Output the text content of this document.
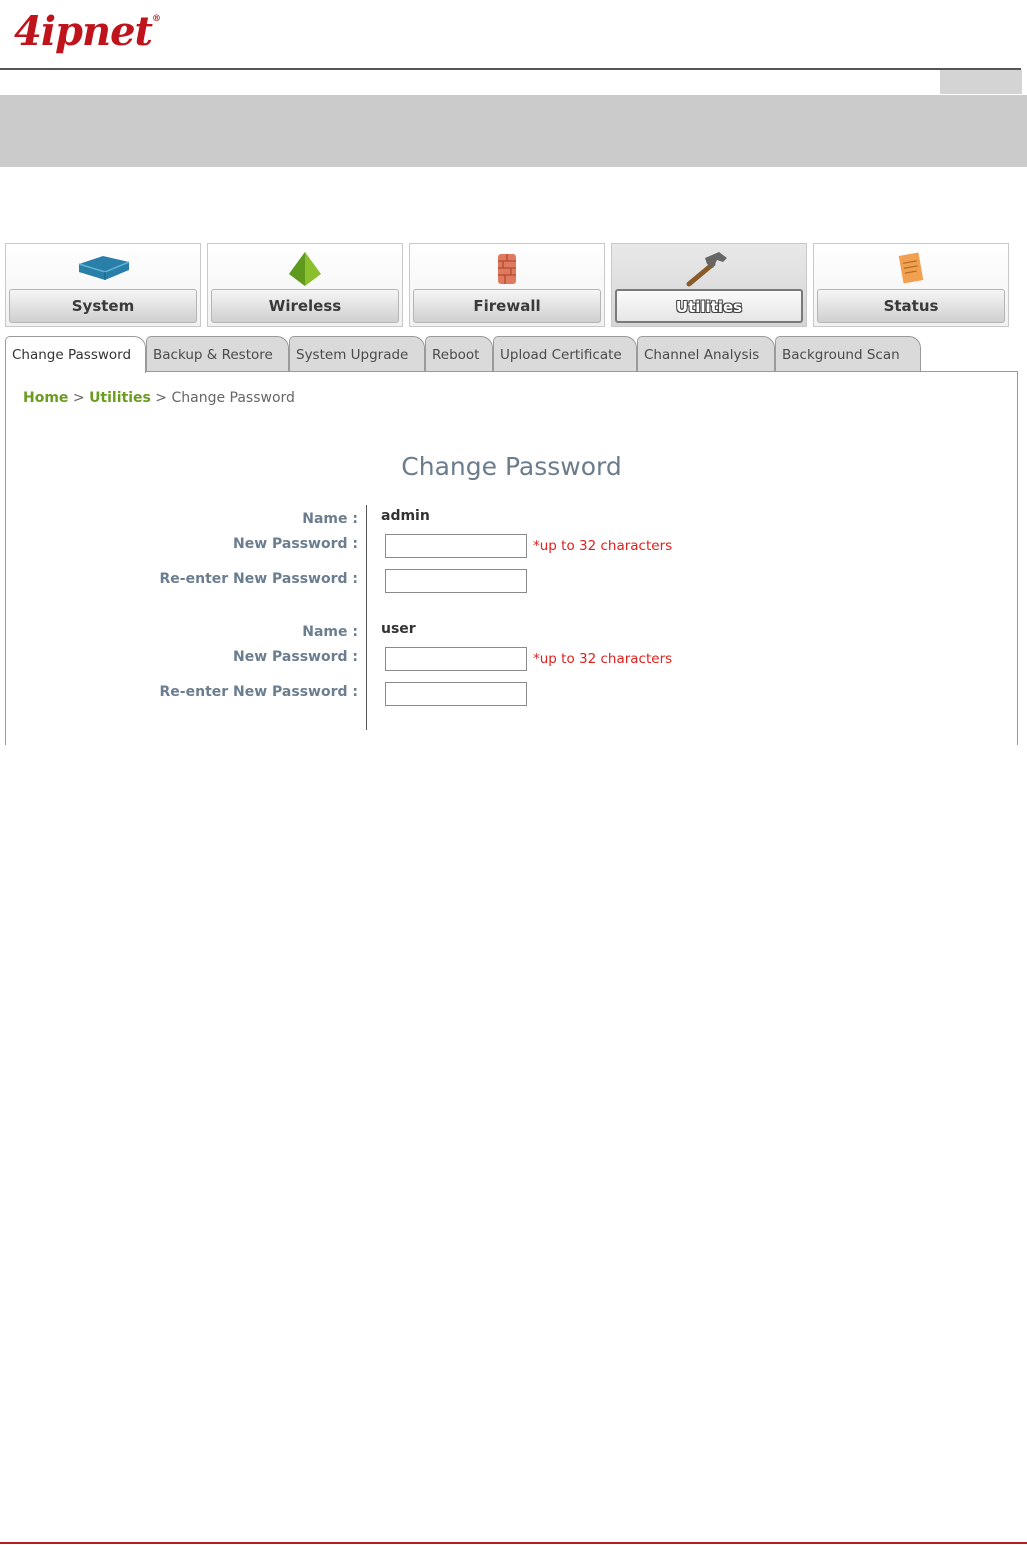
4ipnet®
System	Wireless	Firewall	Utilities	Status
Change Password	Backup & Restore	System Upgrade	Reboot	Upload Certificate	Channel Analysis	Background Scan
Home > Utilities > Change Password
Change Password
Name : admin
New Password :	*up to 32 characters
Re-enter New Password :
Name : user
New Password :	*up to 32 characters
Re-enter New Password :
